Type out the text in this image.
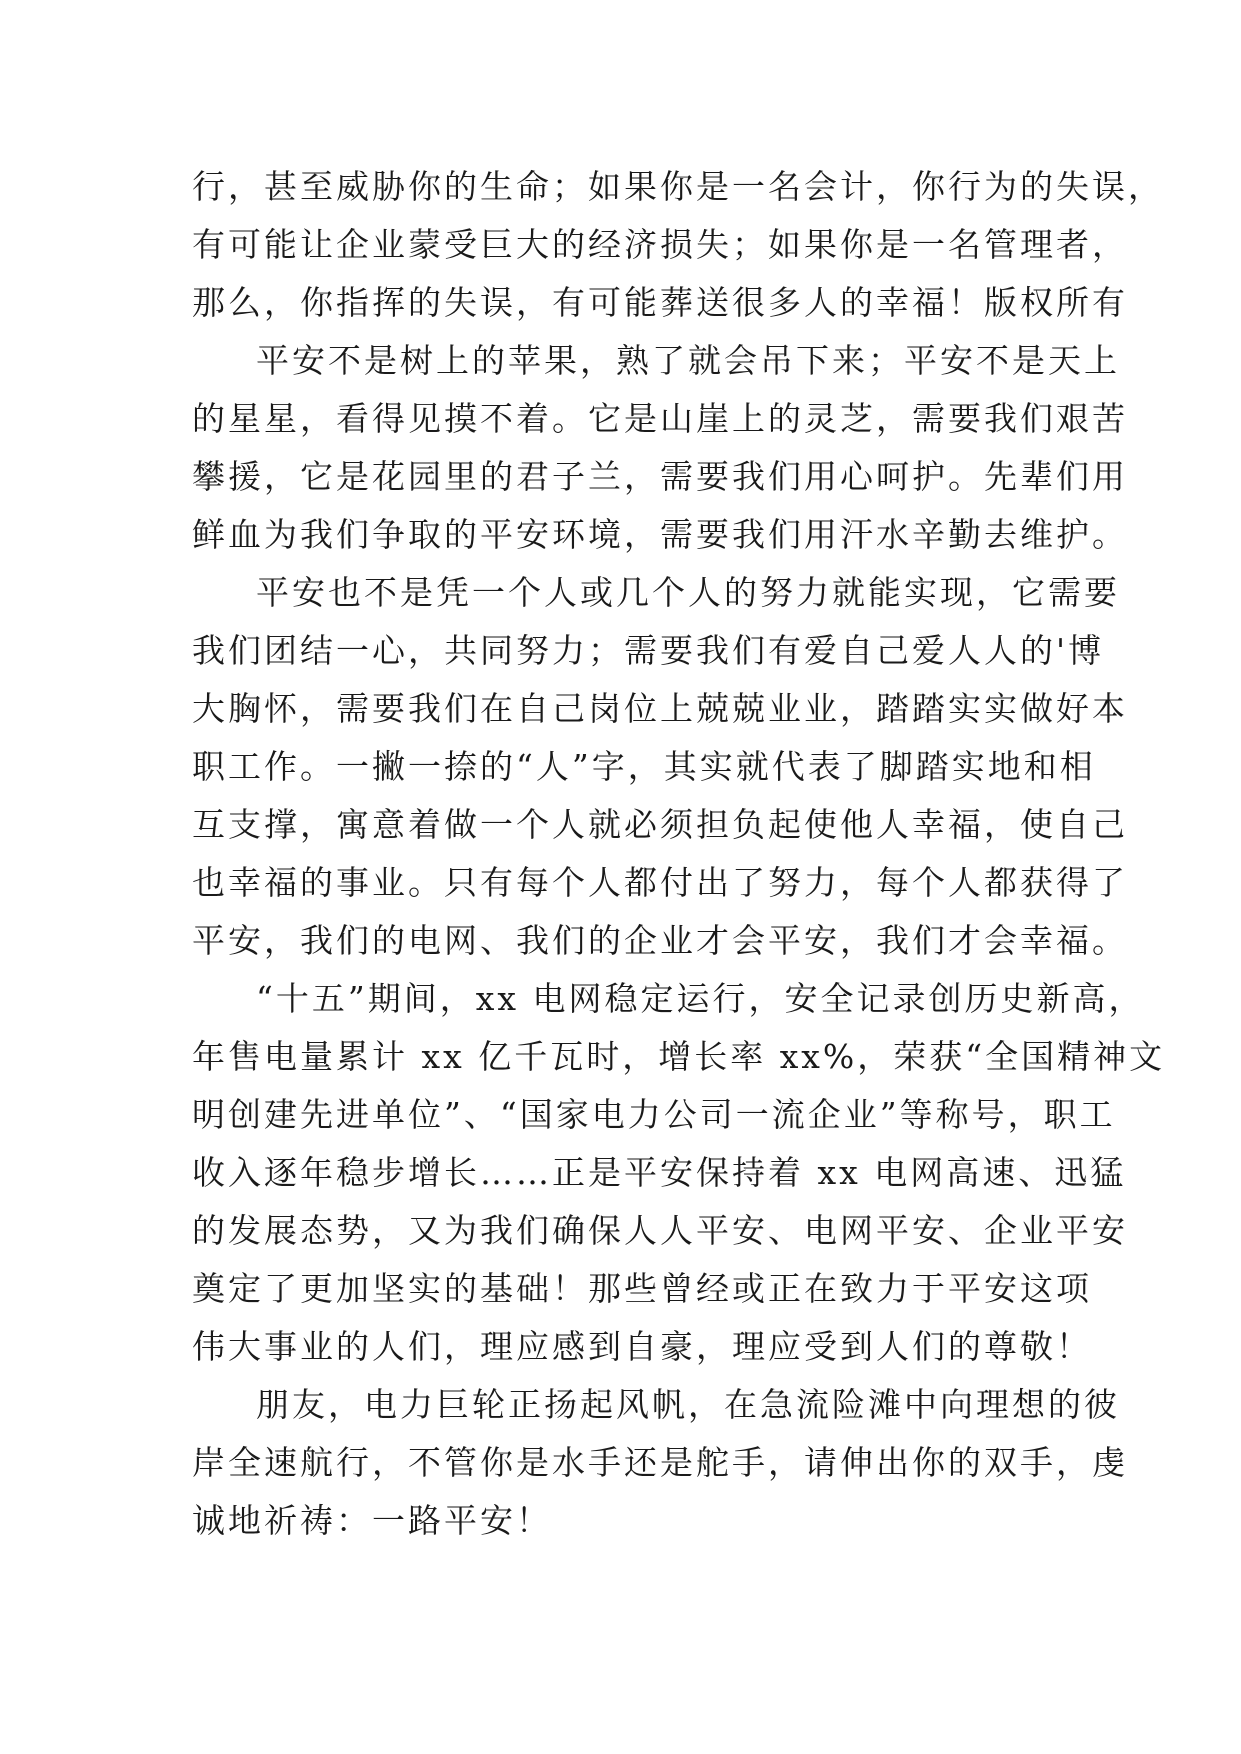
行，甚至威胁你的生命；如果你是一名会计，你行为的失误，
有可能让企业蒙受巨大的经济损失；如果你是一名管理者，
那么，你指挥的失误，有可能葬送很多人的幸福！版权所有
平安不是树上的苹果，熟了就会吊下来；平安不是天上
的星星，看得见摸不着。它是山崖上的灵芝，需要我们艰苦
攀援，它是花园里的君子兰，需要我们用心呵护。先辈们用
鲜血为我们争取的平安环境，需要我们用汗水辛勤去维护。
平安也不是凭一个人或几个人的努力就能实现，它需要
我们团结一心，共同努力；需要我们有爱自己爱人人的'博
大胸怀，需要我们在自己岗位上兢兢业业，踏踏实实做好本
职工作。一撇一捺的“人”字，其实就代表了脚踏实地和相
互支撑，寓意着做一个人就必须担负起使他人幸福，使自己
也幸福的事业。只有每个人都付出了努力，每个人都获得了
平安，我们的电网、我们的企业才会平安，我们才会幸福。
“十五”期间，xx 电网稳定运行，安全记录创历史新高，
年售电量累计 xx 亿千瓦时，增长率 xx%，荣获“全国精神文
明创建先进单位”、“国家电力公司一流企业”等称号，职工
收入逐年稳步增长……正是平安保持着 xx 电网高速、迅猛
的发展态势，又为我们确保人人平安、电网平安、企业平安
奠定了更加坚实的基础！那些曾经或正在致力于平安这项
伟大事业的人们，理应感到自豪，理应受到人们的尊敬！
朋友，电力巨轮正扬起风帆，在急流险滩中向理想的彼
岸全速航行，不管你是水手还是舵手，请伸出你的双手，虔
诚地祈祷：一路平安！
